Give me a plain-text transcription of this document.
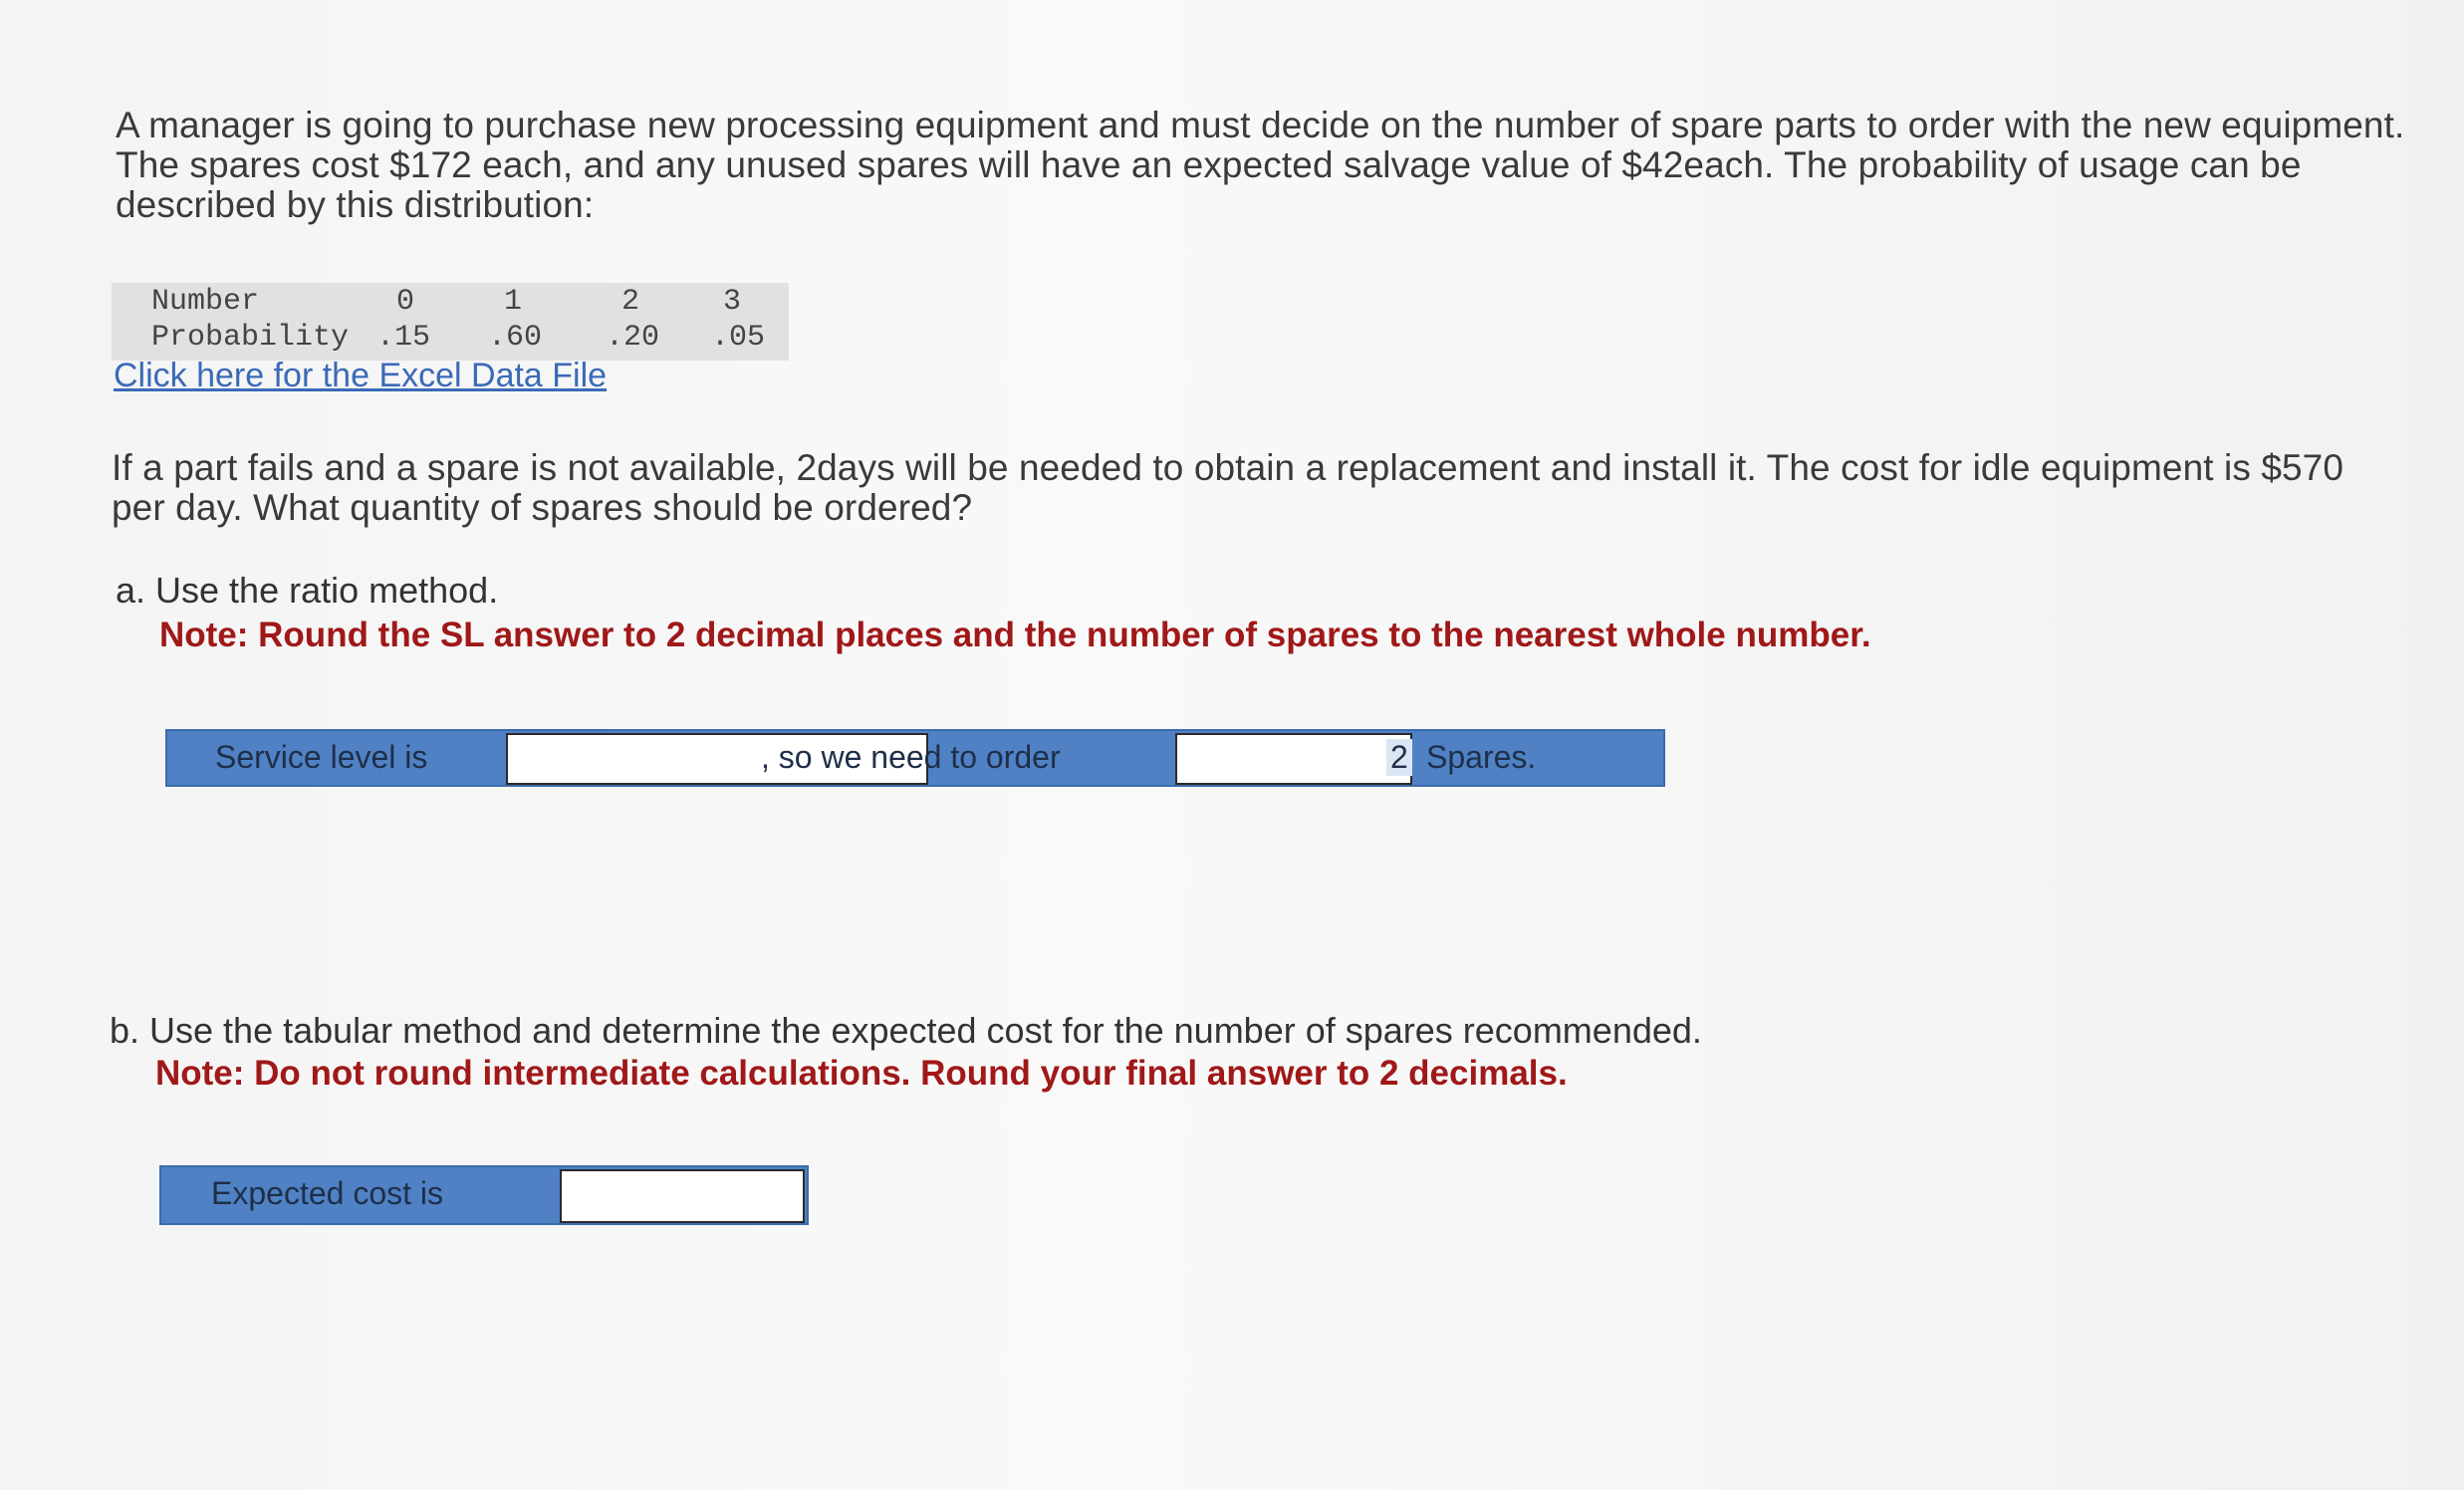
A manager is going to purchase new processing equipment and must decide on the number of spare parts to order with the new equipment. The spares cost $172 each, and any unused spares will have an expected salvage value of $42each. The probability of usage can be described by this distribution:
Number	0	1	2	3
Probability .15 .60 .20 .05
Click here for the Excel Data File
If a part fails and a spare is not available, 2days will be needed to obtain a replacement and install it. The cost for idle equipment is $570 per day. What quantity of spares should be ordered?
a. Use the ratio method.
Note: Round the SL answer to 2 decimal places and the number of spares to the nearest whole number.
Service level is	, so we need to order	2 Spares.
b. Use the tabular method and determine the expected cost for the number of spares recommended.
Note: Do not round intermediate calculations. Round your final answer to 2 decimals.
Expected cost is
